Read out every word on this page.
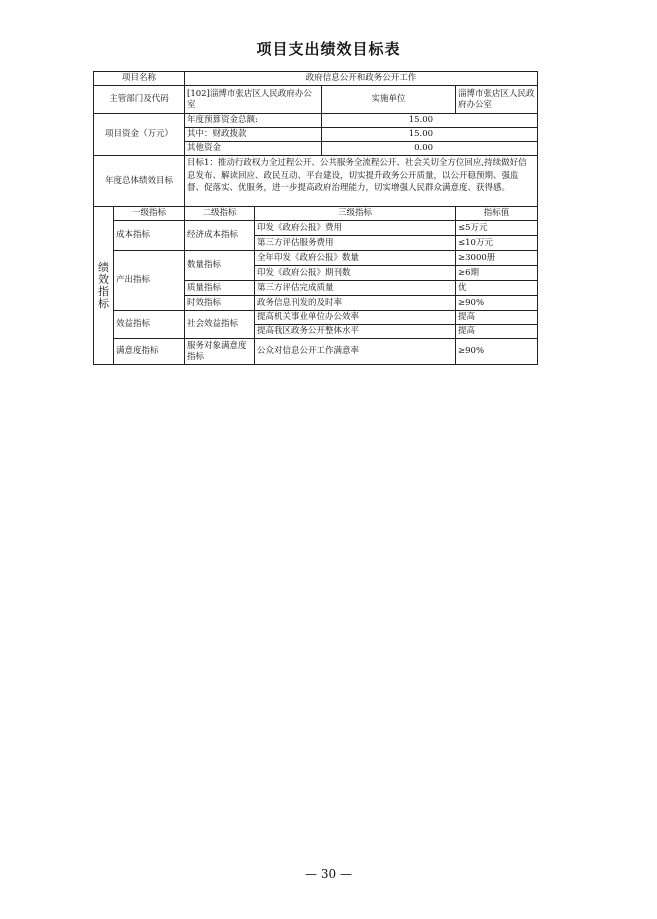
项目支出绩效目标表
项目名称		政府信息公开和政务公开工作			
主管部门及代码		[102]淄博市张店区人民政府办公室		实施单位	淄博市张店区人民政府办公室
项目资金（万元）		年度预算资金总额:		15.00	
		其中：财政拨款		15.00	
		其他资金		0.00	
年度总体绩效目标		目标1：推动行政权力全过程公开、公共服务全流程公开、社会关切全方位回应,持续做好信息发布、解读回应、政民互动、平台建设，切实提升政务公开质量，以公开稳预期、强监督、促落实、优服务，进一步提高政府治理能力，切实增强人民群众满意度、获得感。			

绩
效
指
标	一级指标	二级指标	三级指标		指标值
	成本指标	经济成本指标	印发《政府公报》费用		≤5万元
			第三方评估服务费用		≤10万元
	产出指标	数量指标	全年印发《政府公报》数量		≥3000册
			印发《政府公报》期刊数		≥6期
		质量指标	第三方评估完成质量		优
		时效指标	政务信息刊发的及时率		≥90%
	效益指标	社会效益指标	提高机关事业单位办公效率		提高
			提高我区政务公开整体水平		提高
	满意度指标	服务对象满意度指标	公众对信息公开工作满意率		≥90%
— 30 —
